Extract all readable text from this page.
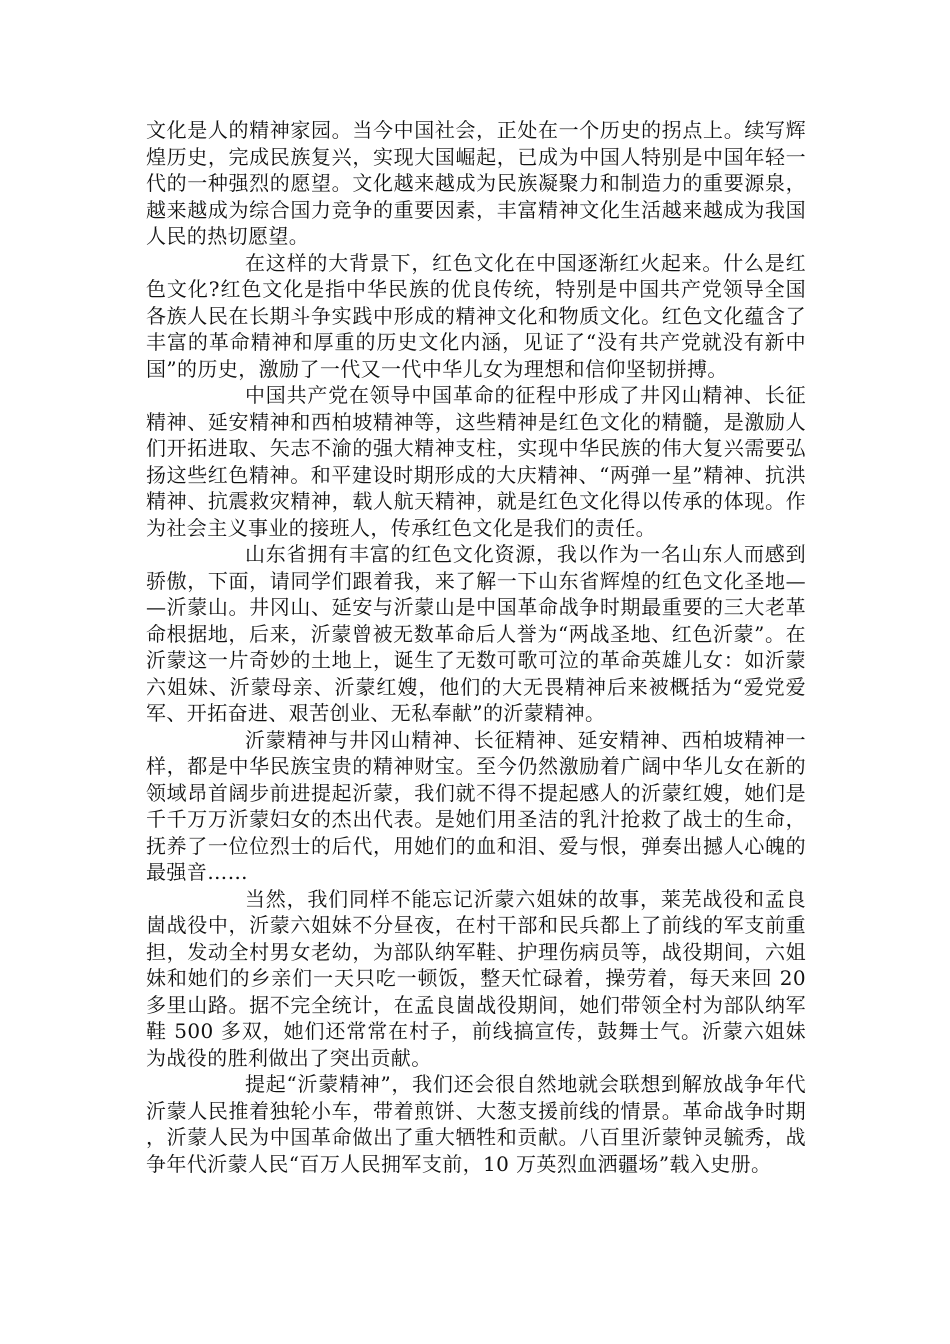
文化是人的精神家园。当今中国社会，正处在一个历史的拐点上。续写辉煌历史，完成民族复兴，实现大国崛起，已成为中国人特别是中国年轻一代的一种强烈的愿望。文化越来越成为民族凝聚力和制造力的重要源泉，越来越成为综合国力竞争的重要因素，丰富精神文化生活越来越成为我国人民的热切愿望。

在这样的大背景下，红色文化在中国逐渐红火起来。什么是红色文化?红色文化是指中华民族的优良传统，特别是中国共产党领导全国各族人民在长期斗争实践中形成的精神文化和物质文化。红色文化蕴含了丰富的革命精神和厚重的历史文化内涵，见证了“没有共产党就没有新中国”的历史，激励了一代又一代中华儿女为理想和信仰坚韧拼搏。

中国共产党在领导中国革命的征程中形成了井冈山精神、长征精神、延安精神和西柏坡精神等，这些精神是红色文化的精髓，是激励人们开拓进取、矢志不渝的强大精神支柱，实现中华民族的伟大复兴需要弘扬这些红色精神。和平建设时期形成的大庆精神、“两弹一星”精神、抗洪精神、抗震救灾精神，载人航天精神，就是红色文化得以传承的体现。作为社会主义事业的接班人，传承红色文化是我们的责任。

山东省拥有丰富的红色文化资源，我以作为一名山东人而感到骄傲，下面，请同学们跟着我，来了解一下山东省辉煌的红色文化圣地——沂蒙山。井冈山、延安与沂蒙山是中国革命战争时期最重要的三大老革命根据地，后来，沂蒙曾被无数革命后人誉为“两战圣地、红色沂蒙”。在沂蒙这一片奇妙的土地上，诞生了无数可歌可泣的革命英雄儿女：如沂蒙六姐妹、沂蒙母亲、沂蒙红嫂，他们的大无畏精神后来被概括为“爱党爱军、开拓奋进、艰苦创业、无私奉献”的沂蒙精神。

沂蒙精神与井冈山精神、长征精神、延安精神、西柏坡精神一样，都是中华民族宝贵的精神财宝。至今仍然激励着广阔中华儿女在新的领域昂首阔步前进提起沂蒙，我们就不得不提起感人的沂蒙红嫂，她们是千千万万沂蒙妇女的杰出代表。是她们用圣洁的乳汁抢救了战士的生命，抚养了一位位烈士的后代，用她们的血和泪、爱与恨，弹奏出撼人心魄的最强音……

当然，我们同样不能忘记沂蒙六姐妹的故事，莱芜战役和孟良崮战役中，沂蒙六姐妹不分昼夜，在村干部和民兵都上了前线的军支前重担，发动全村男女老幼，为部队纳军鞋、护理伤病员等，战役期间，六姐妹和她们的乡亲们一天只吃一顿饭，整天忙碌着，操劳着，每天来回 20 多里山路。据不完全统计，在孟良崮战役期间，她们带领全村为部队纳军鞋 500 多双，她们还常常在村子，前线搞宣传，鼓舞士气。沂蒙六姐妹为战役的胜利做出了突出贡献。

提起“沂蒙精神”，我们还会很自然地就会联想到解放战争年代沂蒙人民推着独轮小车，带着煎饼、大葱支援前线的情景。革命战争时期，沂蒙人民为中国革命做出了重大牺牲和贡献。八百里沂蒙钟灵毓秀，战争年代沂蒙人民“百万人民拥军支前，10 万英烈血洒疆场”载入史册。
